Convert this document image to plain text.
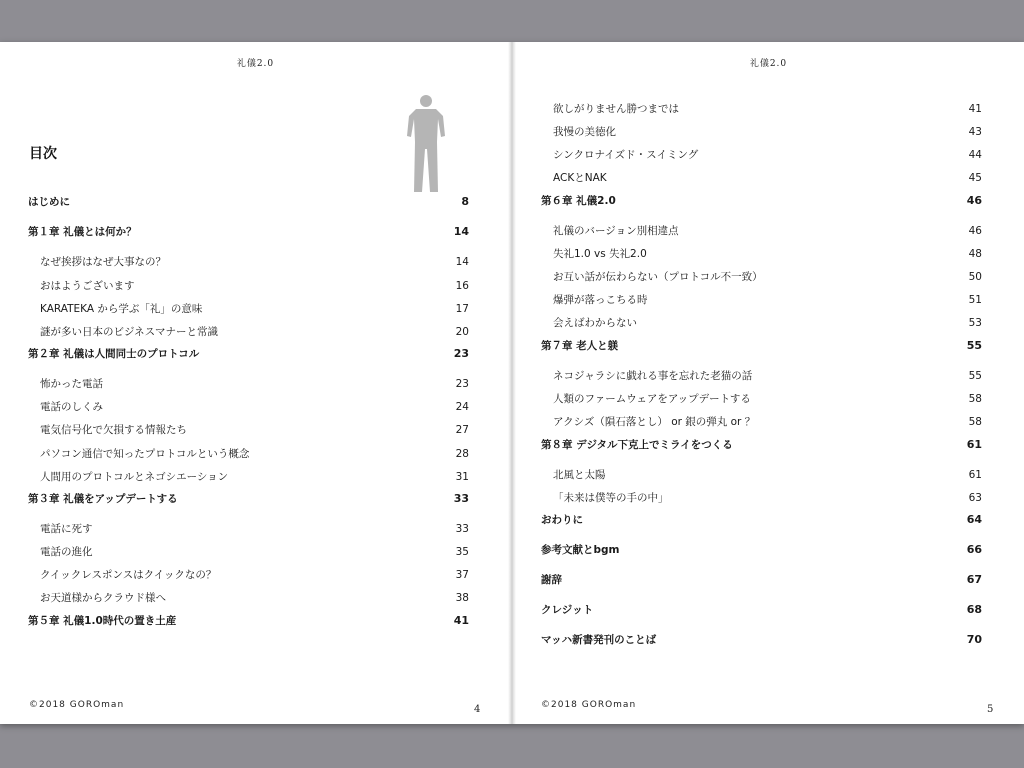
礼儀2.0
目次
はじめに	8
第１章 礼儀とは何か？	14
なぜ挨拶はなぜ大事なの？	14
おはようございます	16
KARATEKA から学ぶ「礼」の意味	17
謎が多い日本のビジネスマナーと常識	20
第２章 礼儀は人間同士のプロトコル	23
怖かった電話	23
電話のしくみ	24
電気信号化で欠損する情報たち	27
パソコン通信で知ったプロトコルという概念	28
人間用のプロトコルとネゴシエーション	31
第３章 礼儀をアップデートする	33
電話に死す	33
電話の進化	35
クイックレスポンスはクイックなの？	37
お天道様からクラウド様へ	38
第５章 礼儀1.0時代の置き土産	41
©2018 GOROman	4
礼儀2.0
欲しがりません勝つまでは	41
我慢の美徳化	43
シンクロナイズド・スイミング	44
ACKとNAK	45
第６章 礼儀2.0	46
礼儀のバージョン別相違点	46
失礼1.0 vs 失礼2.0	48
お互い話が伝わらない（プロトコル不一致）	50
爆弾が落っこちる時	51
会えばわからない	53
第７章 老人と躾	55
ネコジャラシに戯れる事を忘れた老猫の話	55
人類のファームウェアをアップデートする	58
アクシズ（隕石落とし） or 銀の弾丸 or ？	58
第８章 デジタル下克上でミライをつくる	61
北風と太陽	61
「未来は僕等の手の中」	63
おわりに	64
参考文献とbgm	66
謝辞	67
クレジット	68
マッハ新書発刊のことば	70
©2018 GOROman	5
